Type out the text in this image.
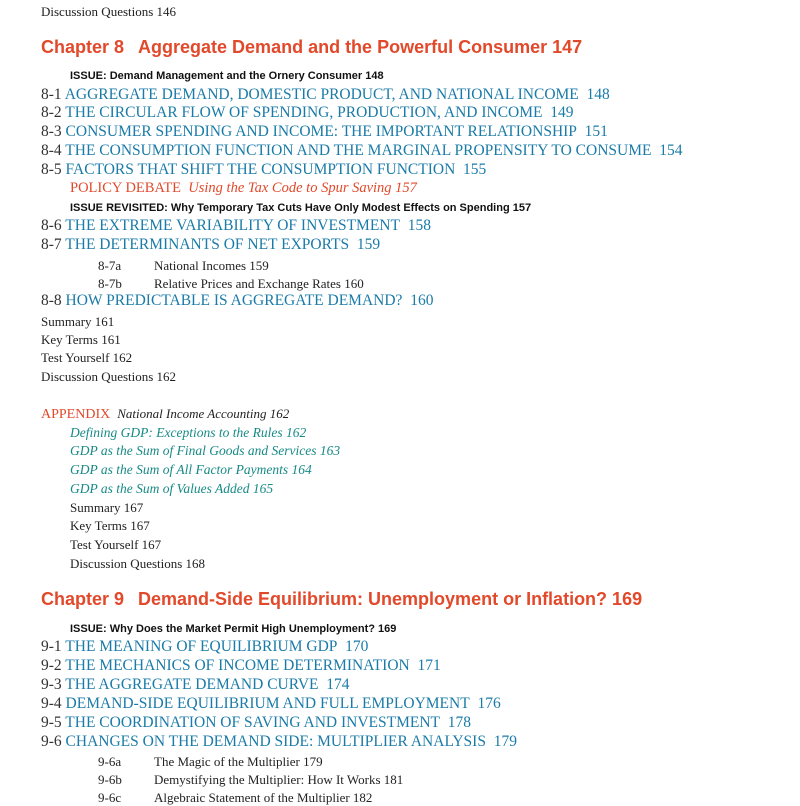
Discussion Questions 146
Chapter 8 Aggregate Demand and the Powerful Consumer 147
ISSUE: Demand Management and the Ornery Consumer 148
8-1 AGGREGATE DEMAND, DOMESTIC PRODUCT, AND NATIONAL INCOME 148
8-2 THE CIRCULAR FLOW OF SPENDING, PRODUCTION, AND INCOME 149
8-3 CONSUMER SPENDING AND INCOME: THE IMPORTANT RELATIONSHIP 151
8-4 THE CONSUMPTION FUNCTION AND THE MARGINAL PROPENSITY TO CONSUME 154
8-5 FACTORS THAT SHIFT THE CONSUMPTION FUNCTION 155
POLICY DEBATE Using the Tax Code to Spur Saving 157
ISSUE REVISITED: Why Temporary Tax Cuts Have Only Modest Effects on Spending 157
8-6 THE EXTREME VARIABILITY OF INVESTMENT 158
8-7 THE DETERMINANTS OF NET EXPORTS 159
8-7a	National Incomes 159
8-7b Relative Prices and Exchange Rates 160
8-8 HOW PREDICTABLE IS AGGREGATE DEMAND? 160
Summary 161
Key Terms 161
Test Yourself 162
Discussion Questions 162
APPENDIX National Income Accounting 162
Defining GDP: Exceptions to the Rules 162
GDP as the Sum of Final Goods and Services 163
GDP as the Sum of All Factor Payments 164
GDP as the Sum of Values Added 165
Summary 167
Key Terms 167
Test Yourself 167
Discussion Questions 168
Chapter 9 Demand-Side Equilibrium: Unemployment or Inflation? 169
ISSUE: Why Does the Market Permit High Unemployment? 169
9-1 THE MEANING OF EQUILIBRIUM GDP 170
9-2 THE MECHANICS OF INCOME DETERMINATION 171
9-3 THE AGGREGATE DEMAND CURVE 174
9-4 DEMAND-SIDE EQUILIBRIUM AND FULL EMPLOYMENT 176
9-5 THE COORDINATION OF SAVING AND INVESTMENT 178
9-6 CHANGES ON THE DEMAND SIDE: MULTIPLIER ANALYSIS 179
9-6a	The Magic of the Multiplier 179
9-6b Demystifying the Multiplier: How It Works 181
9-6c	Algebraic Statement of the Multiplier 182
